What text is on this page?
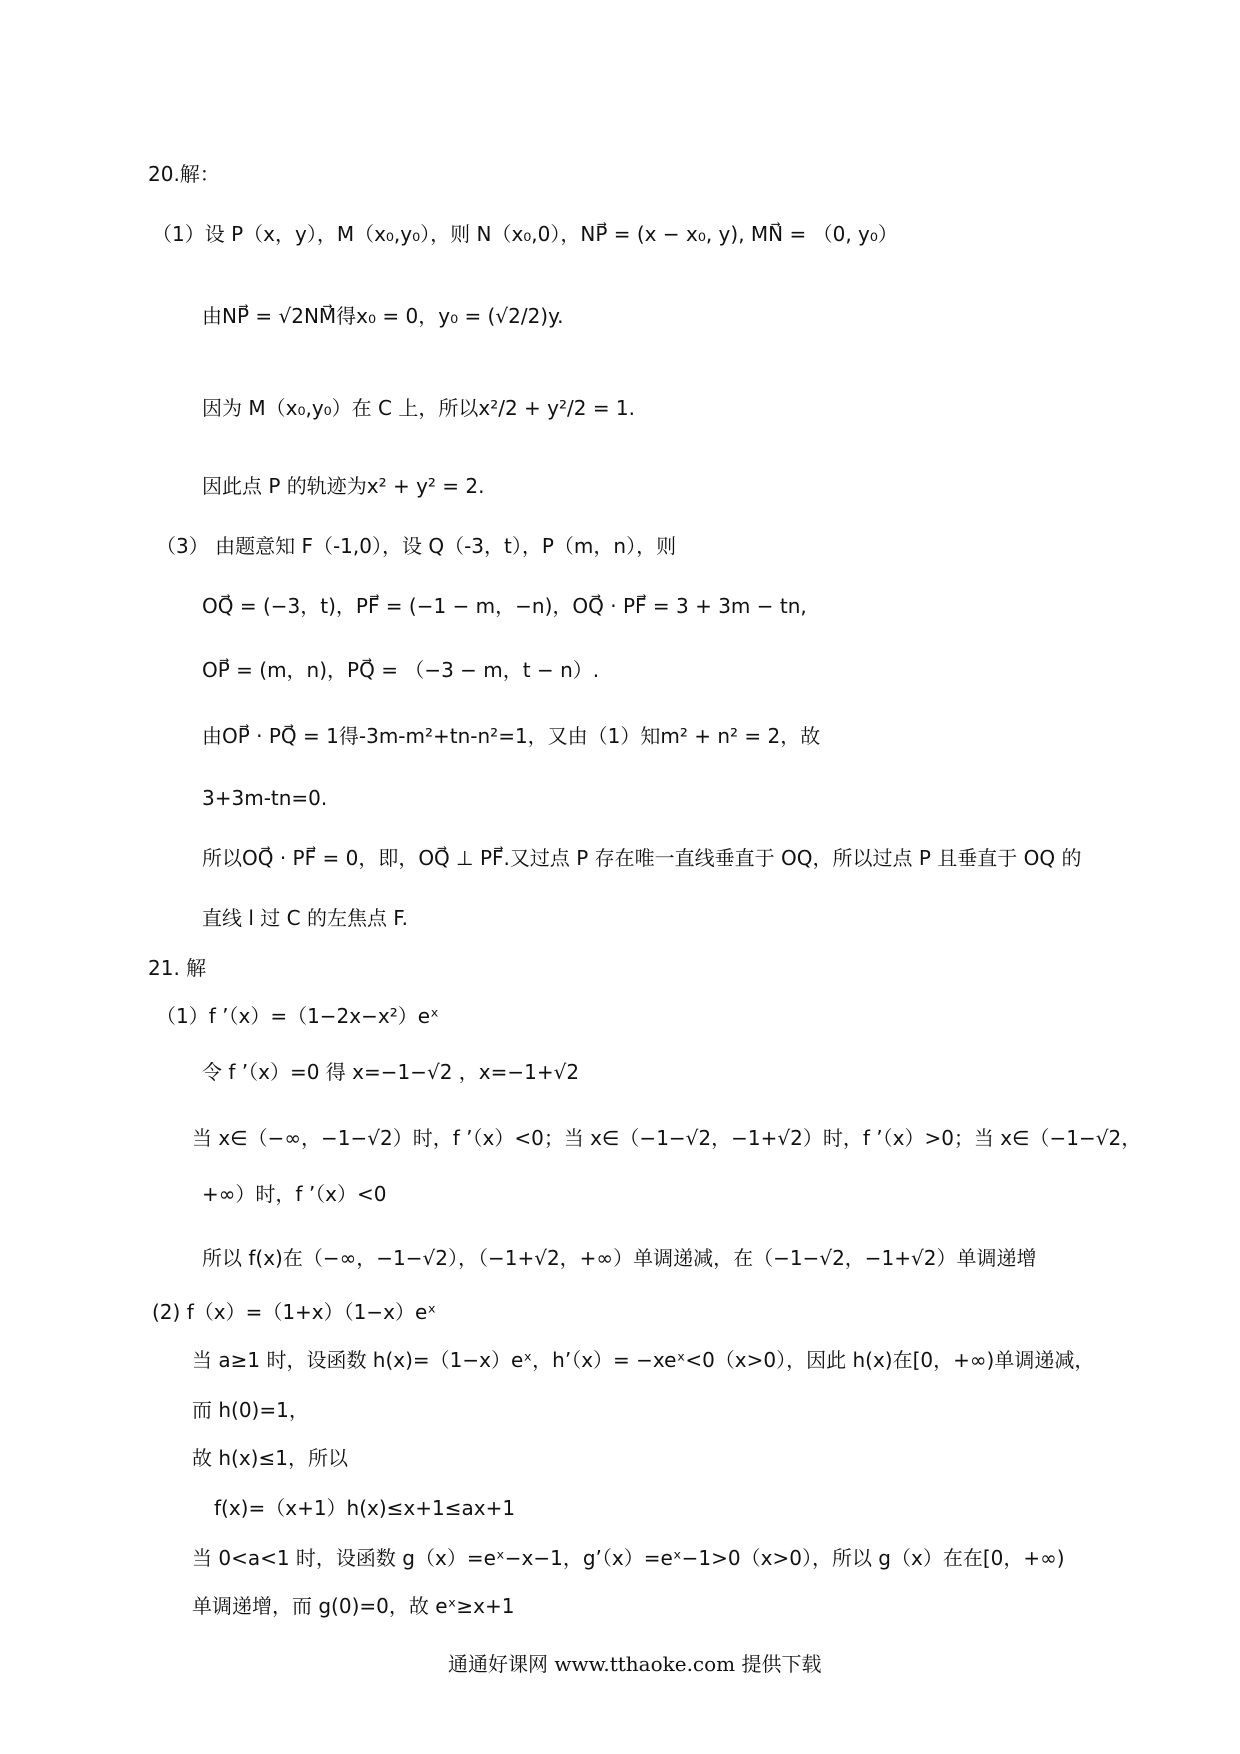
20.解：
（1）设 P（x，y），M（x₀,y₀），则 N（x₀,0），NP⃗ = (x − x₀, y), MN⃗ = （0, y₀）
由NP⃗ = √2NM⃗得x₀ = 0，y₀ = (√2/2)y.
因为 M（x₀,y₀）在 C 上，所以x²/2 + y²/2 = 1.
因此点 P 的轨迹为x² + y² = 2.
（3） 由题意知 F（-1,0），设 Q（-3，t），P（m，n），则
OQ⃗ = (−3，t)，PF⃗ = (−1 − m，−n)，OQ⃗ · PF⃗ = 3 + 3m − tn,
OP⃗ = (m，n)，PQ⃗ = （−3 − m，t − n）.
由OP⃗ · PQ⃗ = 1得-3m-m²+tn-n²=1，又由（1）知m² + n² = 2，故
3+3m-tn=0.
所以OQ⃗ · PF⃗ = 0，即，OQ⃗ ⊥ PF⃗.又过点 P 存在唯一直线垂直于 OQ，所以过点 P 且垂直于 OQ 的
直线 l 过 C 的左焦点 F.
21. 解
（1）f ’（x）=（1−2x−x²）eˣ
令 f ’（x）=0 得 x=−1−√2 ，x=−1+√2
当 x∈（−∞，−1−√2）时，f ’（x）<0；当 x∈（−1−√2，−1+√2）时，f ’（x）>0；当 x∈（−1−√2，
+∞）时，f ’（x）<0
所以 f(x)在（−∞，−1−√2），（−1+√2，+∞）单调递减，在（−1−√2，−1+√2）单调递增
(2) f（x）=（1+x）（1−x）eˣ
当 a≥1 时，设函数 h(x)=（1−x）eˣ，h’（x）= −xeˣ<0（x>0），因此 h(x)在[0，+∞)单调递减，
而 h(0)=1，
故 h(x)≤1，所以
f(x)=（x+1）h(x)≤x+1≤ax+1
当 0<a<1 时，设函数 g（x）=eˣ−x−1，g’（x）=eˣ−1>0（x>0），所以 g（x）在在[0，+∞)
单调递增，而 g(0)=0，故 eˣ≥x+1
通通好课网 www.tthaoke.com 提供下载
